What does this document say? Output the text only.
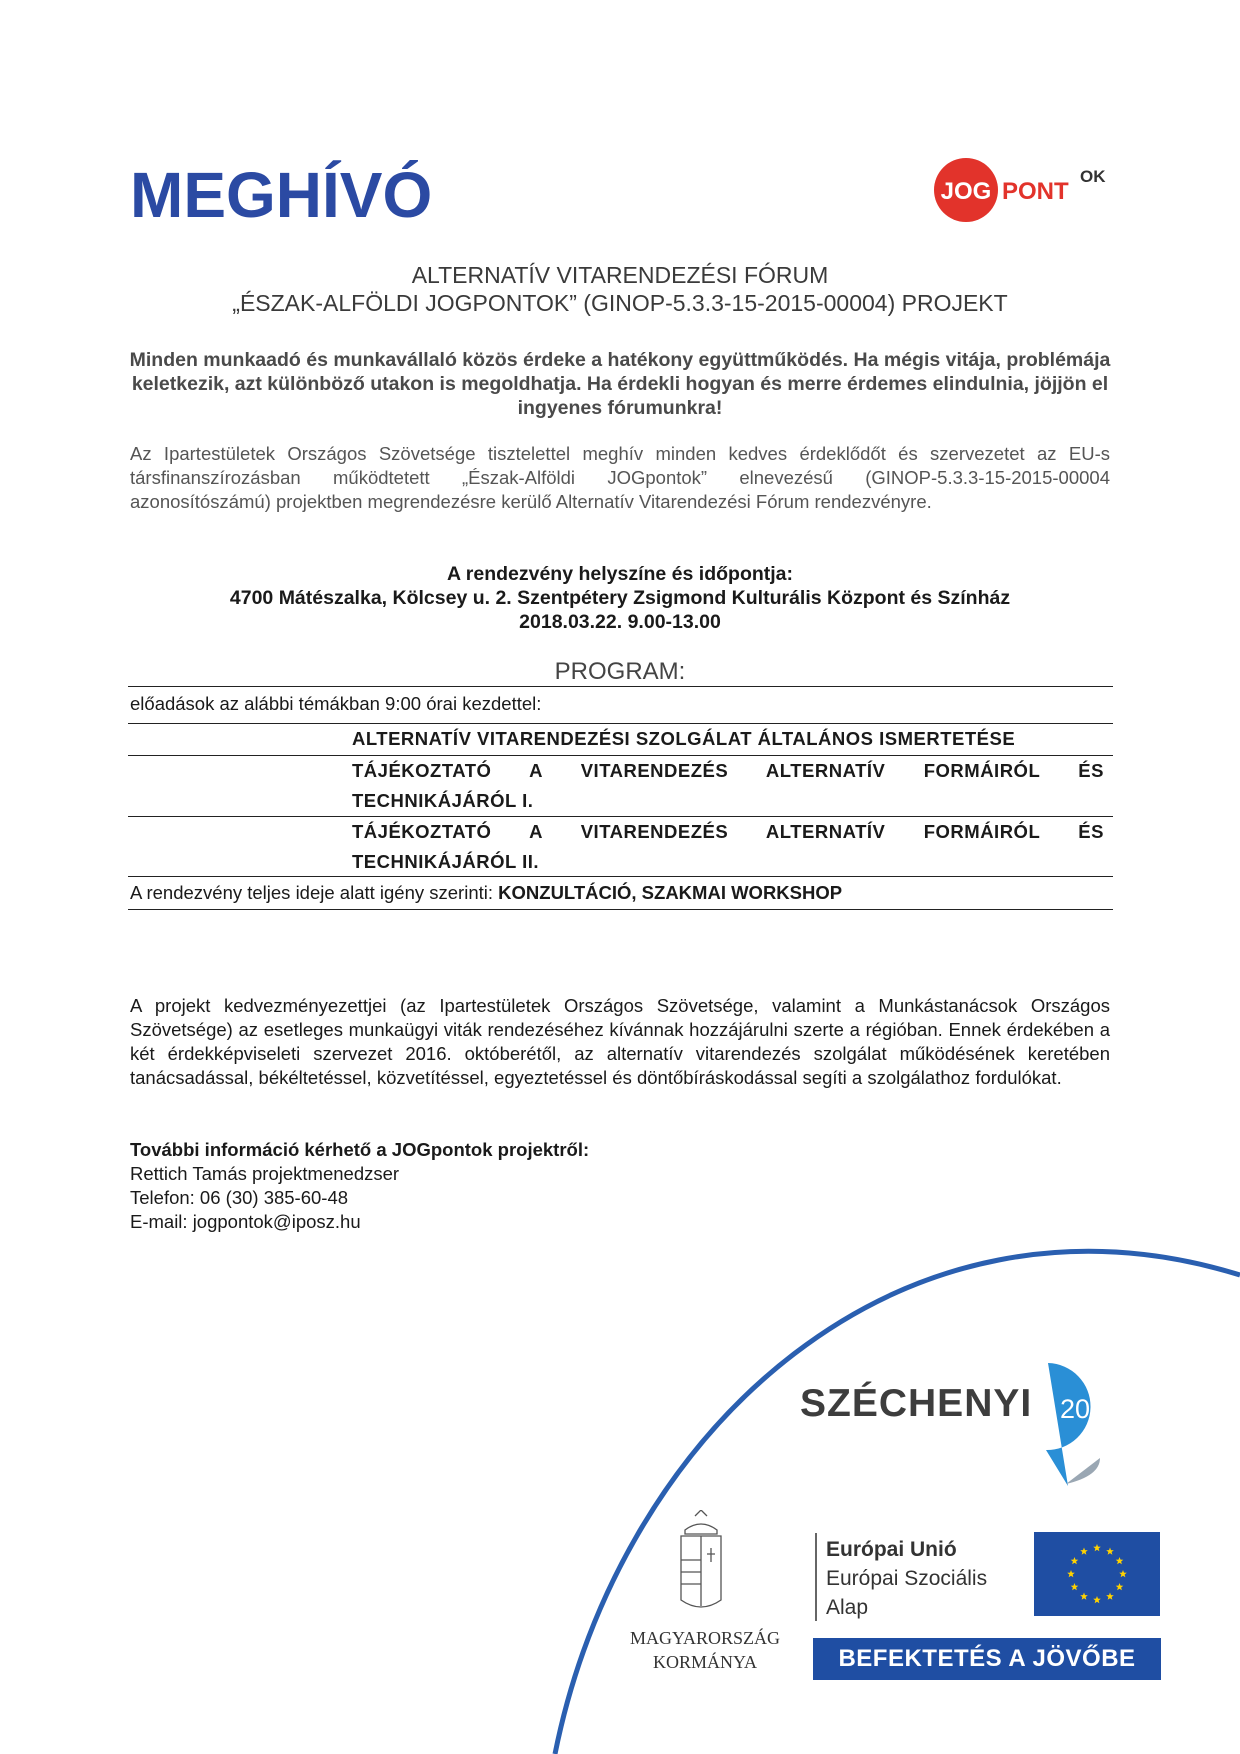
MEGHÍVÓ	JOG PONT
OK
ALTERNATÍV VITARENDEZÉSI FÓRUM
„ÉSZAK-ALFÖLDI JOGPONTOK” (GINOP-5.3.3-15-2015-00004) PROJEKT
Minden munkaadó és munkavállaló közös érdeke a hatékony együttműködés. Ha mégis vitája, problémája keletkezik, azt különböző utakon is megoldhatja. Ha érdekli hogyan és merre érdemes elindulnia, jöjjön el ingyenes fórumunkra!
Az Ipartestületek Országos Szövetsége tisztelettel meghív minden kedves érdeklődőt és szervezetet az EU-s társfinanszírozásban működtetett „Észak-Alföldi JOGpontok” elnevezésű (GINOP-5.3.3-15-2015-00004 azonosítószámú) projektben megrendezésre kerülő Alternatív Vitarendezési Fórum rendezvényre.
A rendezvény helyszíne és időpontja:
4700 Mátészalka, Kölcsey u. 2. Szentpétery Zsigmond Kulturális Központ és Színház
2018.03.22. 9.00-13.00
PROGRAM:
előadások az alábbi témákban 9:00 órai kezdettel:
ALTERNATÍV VITARENDEZÉSI SZOLGÁLAT ÁLTALÁNOS ISMERTETÉSE
TÁJÉKOZTATÓ A VITARENDEZÉS ALTERNATÍV FORMÁIRÓL ÉS TECHNIKÁJÁRÓL I.
TÁJÉKOZTATÓ A VITARENDEZÉS ALTERNATÍV FORMÁIRÓL ÉS TECHNIKÁJÁRÓL II.
A rendezvény teljes ideje alatt igény szerinti: KONZULTÁCIÓ, SZAKMAI WORKSHOP
A projekt kedvezményezettjei (az Ipartestületek Országos Szövetsége, valamint a Munkástanácsok Országos Szövetsége) az esetleges munkaügyi viták rendezéséhez kívánnak hozzájárulni szerte a régióban. Ennek érdekében a két érdekképviseleti szervezet 2016. októberétől, az alternatív vitarendezés szolgálat működésének keretében tanácsadással, békéltetéssel, közvetítéssel, egyeztetéssel és döntőbíráskodással segíti a szolgálathoz fordulókat.
További információ kérhető a JOGpontok projektről:
Rettich Tamás projektmenedzser
Telefon: 06 (30) 385-60-48
E-mail: jogpontok@iposz.hu
SZÉCHENYI 2020
MAGYARORSZÁG
KORMÁNYA
Európai Unió
Európai Szociális
Alap
BEFEKTETÉS A JÖVŐBE
